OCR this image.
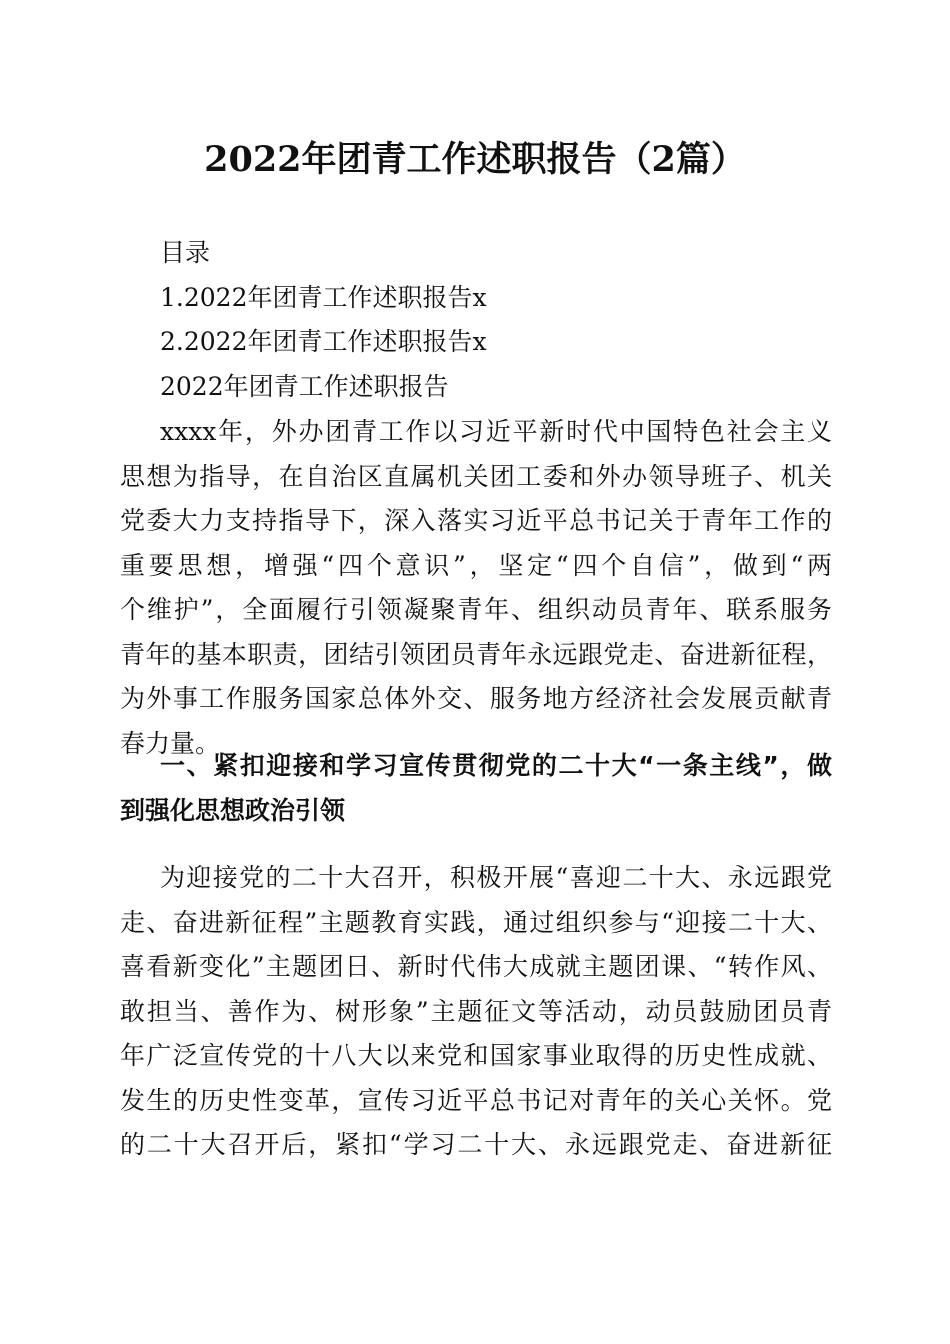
2022年团青工作述职报告（2篇）
目录
1.2022年团青工作述职报告x
2.2022年团青工作述职报告x
2022年团青工作述职报告
xxxx年，外办团青工作以习近平新时代中国特色社会主义
思想为指导，在自治区直属机关团工委和外办领导班子、机关
党委大力支持指导下，深入落实习近平总书记关于青年工作的
重要思想，增强“四个意识”，坚定“四个自信”，做到“两
个维护”，全面履行引领凝聚青年、组织动员青年、联系服务
青年的基本职责，团结引领团员青年永远跟党走、奋进新征程，
为外事工作服务国家总体外交、服务地方经济社会发展贡献青
春力量。
一、紧扣迎接和学习宣传贯彻党的二十大“一条主线”，做
到强化思想政治引领
为迎接党的二十大召开，积极开展“喜迎二十大、永远跟党
走、奋进新征程”主题教育实践，通过组织参与“迎接二十大、
喜看新变化”主题团日、新时代伟大成就主题团课、“转作风、
敢担当、善作为、树形象”主题征文等活动，动员鼓励团员青
年广泛宣传党的十八大以来党和国家事业取得的历史性成就、
发生的历史性变革，宣传习近平总书记对青年的关心关怀。党
的二十大召开后，紧扣“学习二十大、永远跟党走、奋进新征
